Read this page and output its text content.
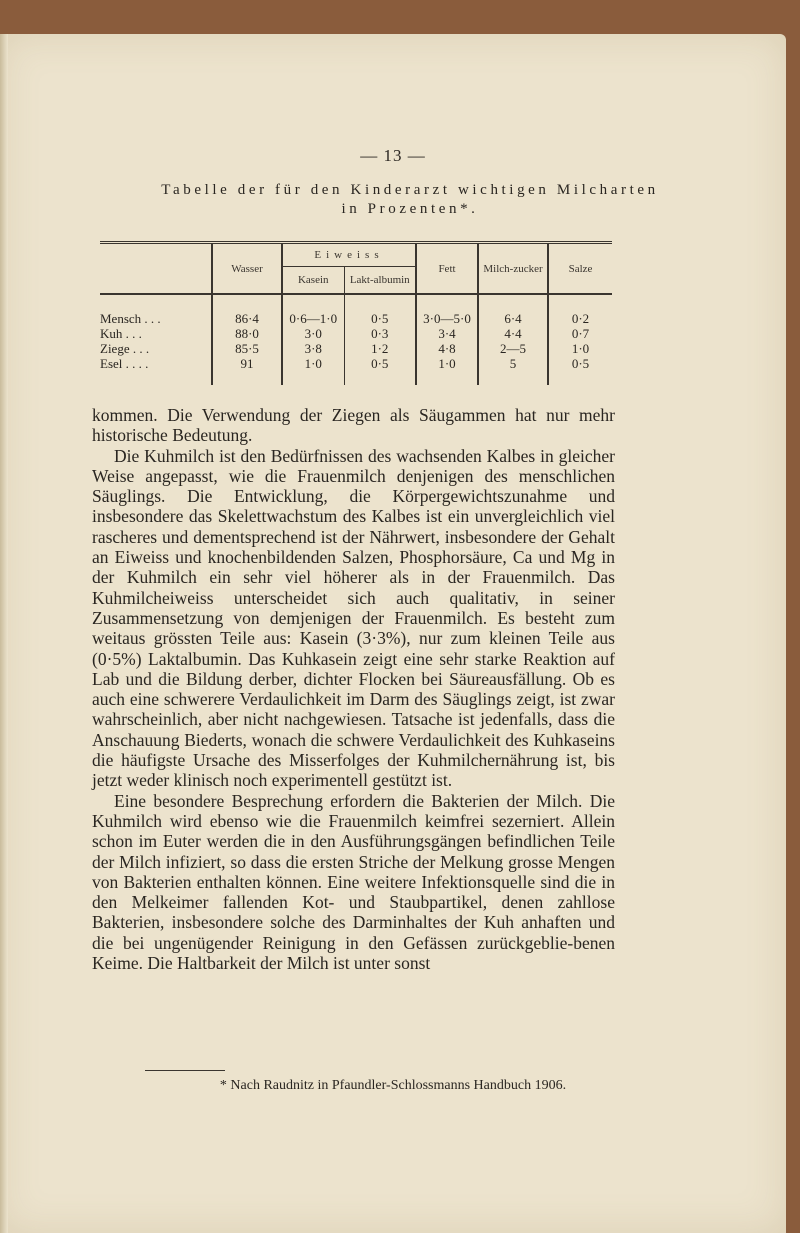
— 13 —
Tabelle der für den Kinderarzt wichtigen Milcharten
in Prozenten*.
	Wasser	Eiweiss		Fett	Milch-zucker	Salze
		Kasein	Lakt-albumin			

Mensch . . .	86·4	0·6—1·0	0·5	3·0—5·0	6·4	0·2
Kuh . . .	88·0	3·0	0·3	3·4	4·4	0·7
Ziege . . .	85·5	3·8	1·2	4·8	2—5	1·0
Esel . . . .	91	1·0	0·5	1·0	5	0·5

kommen. Die Verwendung der Ziegen als Säugammen hat nur mehr historische Bedeutung.

Die Kuhmilch ist den Bedürfnissen des wachsenden Kalbes in gleicher Weise angepasst, wie die Frauenmilch denjenigen des menschlichen Säuglings. Die Entwicklung, die Körpergewichtszunahme und insbesondere das Skelettwachstum des Kalbes ist ein unvergleichlich viel rascheres und dementsprechend ist der Nährwert, insbesondere der Gehalt an Eiweiss und knochenbildenden Salzen, Phosphorsäure, Ca und Mg in der Kuhmilch ein sehr viel höherer als in der Frauenmilch. Das Kuhmilcheiweiss unterscheidet sich auch qualitativ, in seiner Zusammensetzung von demjenigen der Frauenmilch. Es besteht zum weitaus grössten Teile aus: Kasein (3·3%), nur zum kleinen Teile aus (0·5%) Laktalbumin. Das Kuhkasein zeigt eine sehr starke Reaktion auf Lab und die Bildung derber, dichter Flocken bei Säureausfällung. Ob es auch eine schwerere Verdaulichkeit im Darm des Säuglings zeigt, ist zwar wahrscheinlich, aber nicht nachgewiesen. Tatsache ist jedenfalls, dass die Anschauung Biederts, wonach die schwere Verdaulichkeit des Kuhkaseins die häufigste Ursache des Misserfolges der Kuhmilchernährung ist, bis jetzt weder klinisch noch experimentell gestützt ist.

Eine besondere Besprechung erfordern die Bakterien der Milch. Die Kuhmilch wird ebenso wie die Frauenmilch keimfrei sezerniert. Allein schon im Euter werden die in den Ausführungsgängen befindlichen Teile der Milch infiziert, so dass die ersten Striche der Melkung grosse Mengen von Bakterien enthalten können. Eine weitere Infektionsquelle sind die in den Melkeimer fallenden Kot- und Staubpartikel, denen zahllose Bakterien, insbesondere solche des Darminhaltes der Kuh anhaften und die bei ungenügender Reinigung in den Gefässen zurückgeblie-benen Keime. Die Haltbarkeit der Milch ist unter sonst

* Nach Raudnitz in Pfaundler-Schlossmanns Handbuch 1906.
